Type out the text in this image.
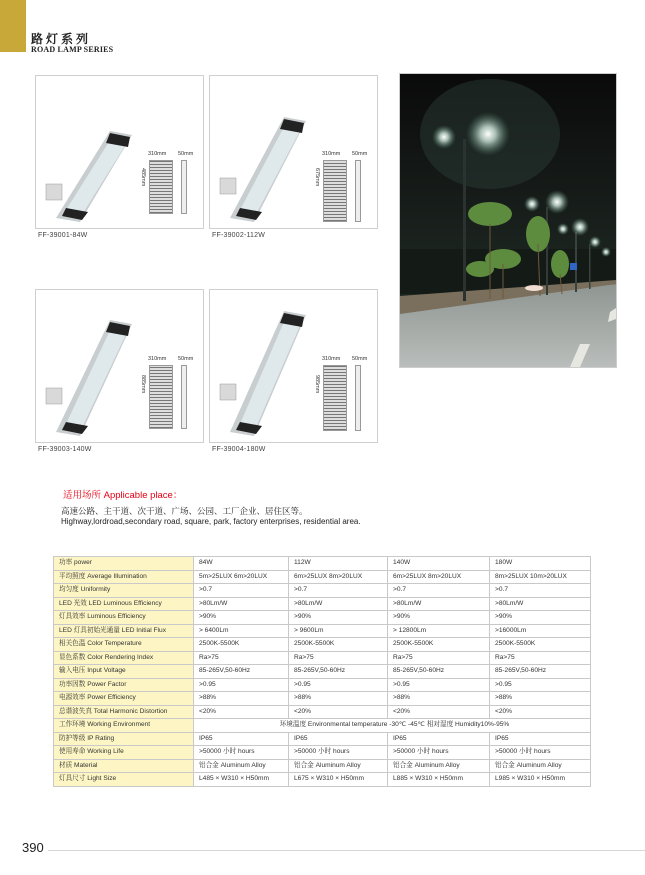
路灯系列
ROAD LAMP SERIES
310mm 50mm
485mm
FF-39001-84W
310mm 50mm
675mm
FF-39002-112W
310mm 50mm
885mm
FF-39003-140W
310mm 50mm
985mm
FF-39004-180W
适用场所 Applicable place：
高速公路、主干道、次干道、广场、公园、工厂企业、居住区等。
Highway,lordroad,secondary road, square, park, factory enterprises, residential area.
功率 power	84W	112W	140W	180W
平均照度 Average Illumination	5m>25LUX 6m>20LUX	6m>25LUX 8m>20LUX	6m>25LUX 8m>20LUX	8m>25LUX 10m>20LUX
均匀度 Uniformity	>0.7	>0.7	>0.7	>0.7
LED 光效 LED Luminous Efficiency	>80Lm/W	>80Lm/W	>80Lm/W	>80Lm/W
灯具效率 Luminous Efficiency	>90%	>90%	>90%	>90%
LED 灯具初始光通量 LED Initial Flux	> 6400Lm	> 9600Lm	> 12800Lm	>16000Lm
相关色温 Color Temperature	2500K-5500K	2500K-5500K	2500K-5500K	2500K-5500K
显色系数 Color Rendering Index	Ra>75	Ra>75	Ra>75	Ra>75
输入电压 Input Voltage	85-265V,50-60Hz	85-265V,50-60Hz	85-265V,50-60Hz	85-265V,50-60Hz
功率因数 Power Factor	>0.95	>0.95	>0.95	>0.95
电源效率 Power Efficiency	>88%	>88%	>88%	>88%
总谐波失真 Total Harmonic Distortion	<20%	<20%	<20%	<20%
工作环境 Working Environment	环境温度 Environmental temperature -30℃ -45℃ 相对湿度 Humidity10%-95%			
防护等级 IP Rating	IP65	IP65	IP65	IP65
使用寿命 Working Life	>50000 小时 hours	>50000 小时 hours	>50000 小时 hours	>50000 小时 hours
材质 Material	铝合金 Aluminum Alloy	铝合金 Aluminum Alloy	铝合金 Aluminum Alloy	铝合金 Aluminum Alloy
灯具尺寸 Light Size	L485 × W310 × H50mm	L675 × W310 × H50mm	L885 × W310 × H50mm	L985 × W310 × H50mm
390
